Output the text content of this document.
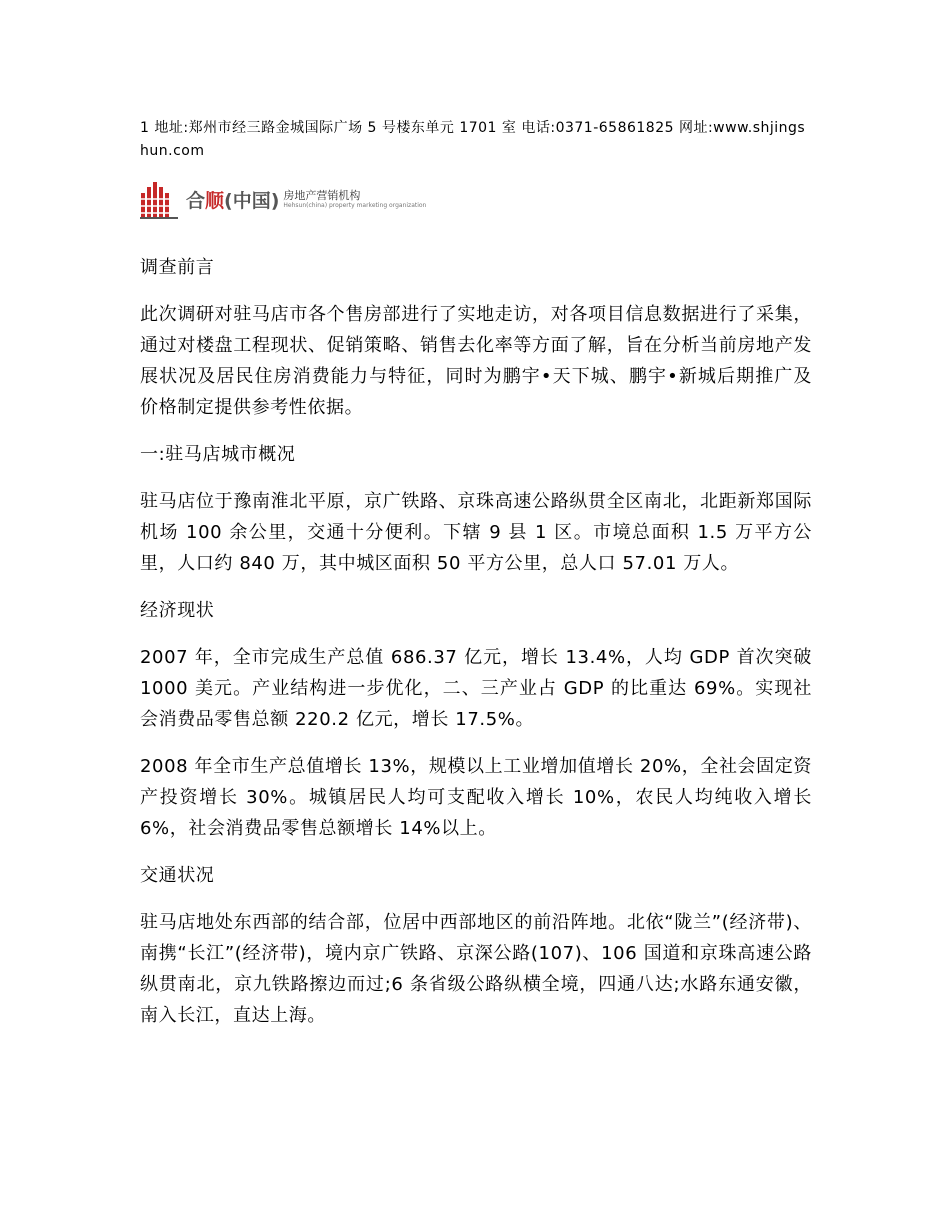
1 地址:郑州市经三路金城国际广场 5 号楼东单元 1701 室 电话:0371-65861825 网址:www.shjingshun.com
合顺(中国) 房地产营销机构
Hehsun(china) property marketing organization

调查前言

此次调研对驻马店市各个售房部进行了实地走访，对各项目信息数据进行了采集，通过对楼盘工程现状、促销策略、销售去化率等方面了解，旨在分析当前房地产发展状况及居民住房消费能力与特征，同时为鹏宇•天下城、鹏宇•新城后期推广及价格制定提供参考性依据。

一:驻马店城市概况

驻马店位于豫南淮北平原，京广铁路、京珠高速公路纵贯全区南北，北距新郑国际机场 100 余公里，交通十分便利。下辖 9 县 1 区。市境总面积 1.5 万平方公里，人口约 840 万，其中城区面积 50 平方公里，总人口 57.01 万人。

经济现状

2007 年，全市完成生产总值 686.37 亿元，增长 13.4%，人均 GDP 首次突破 1000 美元。产业结构进一步优化，二、三产业占 GDP 的比重达 69%。实现社会消费品零售总额 220.2 亿元，增长 17.5%。

2008 年全市生产总值增长 13%，规模以上工业增加值增长 20%，全社会固定资产投资增长 30%。城镇居民人均可支配收入增长 10%，农民人均纯收入增长 6%，社会消费品零售总额增长 14%以上。

交通状况

驻马店地处东西部的结合部，位居中西部地区的前沿阵地。北依“陇兰”(经济带)、南携“长江”(经济带)，境内京广铁路、京深公路(107)、106 国道和京珠高速公路纵贯南北，京九铁路擦边而过;6 条省级公路纵横全境，四通八达;水路东通安徽，南入长江，直达上海。
